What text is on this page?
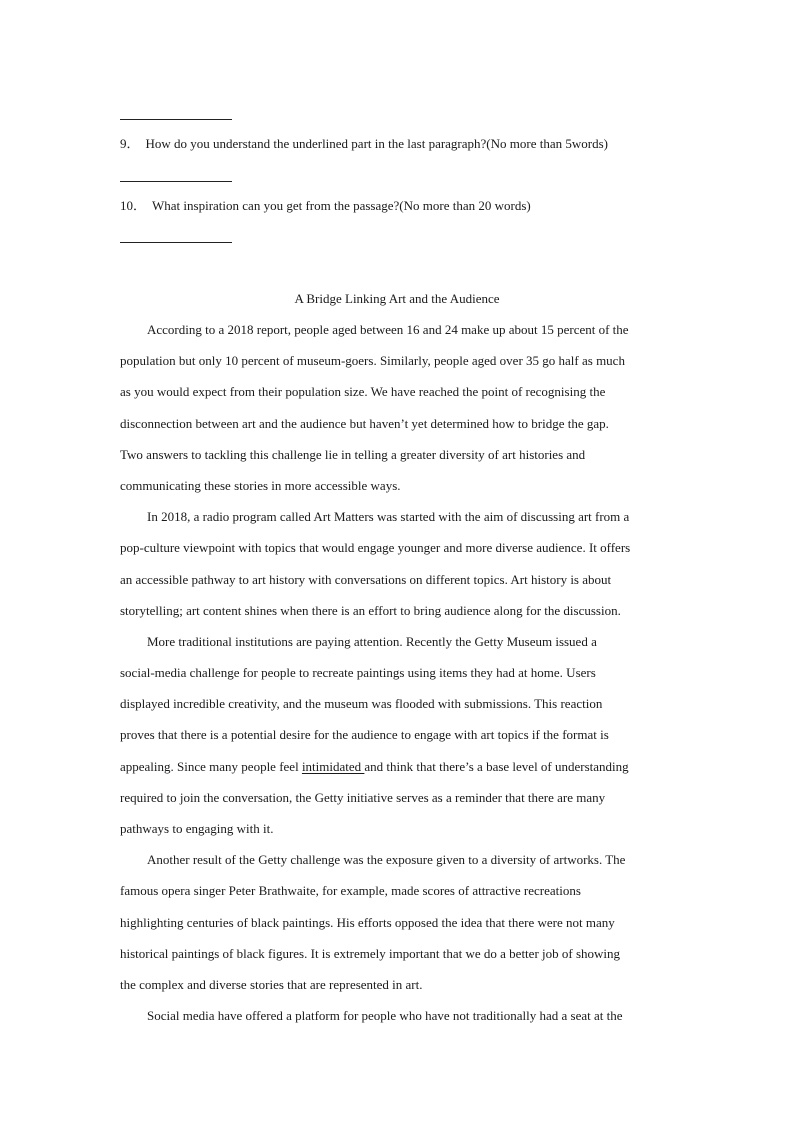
9． How do you understand the underlined part in the last paragraph?(No more than 5words)
10． What inspiration can you get from the passage?(No more than 20 words)
A Bridge Linking Art and the Audience
According to a 2018 report, people aged between 16 and 24 make up about 15 percent of the
population but only 10 percent of museum-goers. Similarly, people aged over 35 go half as much
as you would expect from their population size. We have reached the point of recognising the
disconnection between art and the audience but haven’t yet determined how to bridge the gap.
Two answers to tackling this challenge lie in telling a greater diversity of art histories and
communicating these stories in more accessible ways.
In 2018, a radio program called Art Matters was started with the aim of discussing art from a
pop-culture viewpoint with topics that would engage younger and more diverse audience. It offers
an accessible pathway to art history with conversations on different topics. Art history is about
storytelling; art content shines when there is an effort to bring audience along for the discussion.
More traditional institutions are paying attention. Recently the Getty Museum issued a
social-media challenge for people to recreate paintings using items they had at home. Users
displayed incredible creativity, and the museum was flooded with submissions. This reaction
proves that there is a potential desire for the audience to engage with art topics if the format is
appealing. Since many people feel intimidated and think that there’s a base level of understanding
required to join the conversation, the Getty initiative serves as a reminder that there are many
pathways to engaging with it.
Another result of the Getty challenge was the exposure given to a diversity of artworks. The
famous opera singer Peter Brathwaite, for example, made scores of attractive recreations
highlighting centuries of black paintings. His efforts opposed the idea that there were not many
historical paintings of black figures. It is extremely important that we do a better job of showing
the complex and diverse stories that are represented in art.
Social media have offered a platform for people who have not traditionally had a seat at the
